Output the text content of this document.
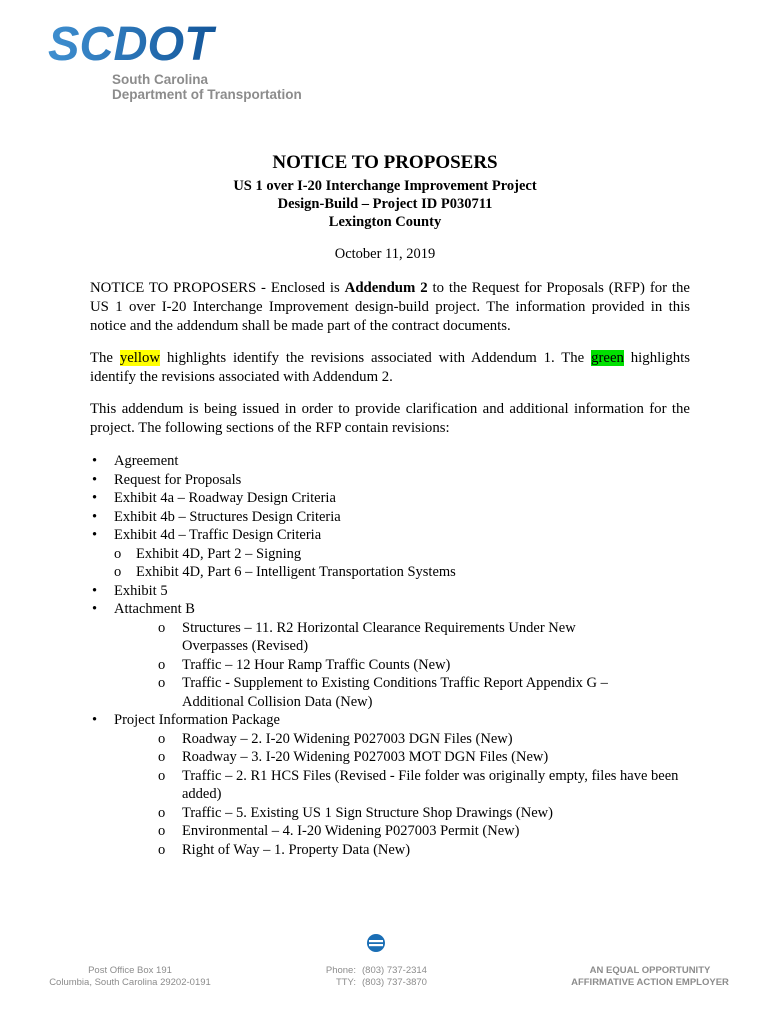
SCDOT
South Carolina
Department of Transportation
NOTICE TO PROPOSERS
US 1 over I-20 Interchange Improvement Project
Design-Build – Project ID P030711
Lexington County
October 11, 2019
NOTICE TO PROPOSERS - Enclosed is Addendum 2 to the Request for Proposals (RFP) for the US 1 over I-20 Interchange Improvement design-build project. The information provided in this notice and the addendum shall be made part of the contract documents.
The yellow highlights identify the revisions associated with Addendum 1. The green highlights identify the revisions associated with Addendum 2.
This addendum is being issued in order to provide clarification and additional information for the project. The following sections of the RFP contain revisions:
• Agreement
• Request for Proposals
• Exhibit 4a – Roadway Design Criteria
• Exhibit 4b – Structures Design Criteria
• Exhibit 4d – Traffic Design Criteria
o Exhibit 4D, Part 2 – Signing
o Exhibit 4D, Part 6 – Intelligent Transportation Systems
• Exhibit 5
• Attachment B
o Structures – 11. R2 Horizontal Clearance Requirements Under New Overpasses (Revised)
o Traffic – 12 Hour Ramp Traffic Counts (New)
o Traffic - Supplement to Existing Conditions Traffic Report Appendix G – Additional Collision Data (New)
• Project Information Package
o Roadway – 2. I-20 Widening P027003 DGN Files (New)
o Roadway – 3. I-20 Widening P027003 MOT DGN Files (New)
o Traffic – 2. R1 HCS Files (Revised - File folder was originally empty, files have been added)
o Traffic – 5. Existing US 1 Sign Structure Shop Drawings (New)
o Environmental – 4. I-20 Widening P027003 Permit (New)
o Right of Way – 1. Property Data (New)
Post Office Box 191
Columbia, South Carolina 29202-0191
Phone: (803) 737-2314
TTY: (803) 737-3870
AN EQUAL OPPORTUNITY
AFFIRMATIVE ACTION EMPLOYER
